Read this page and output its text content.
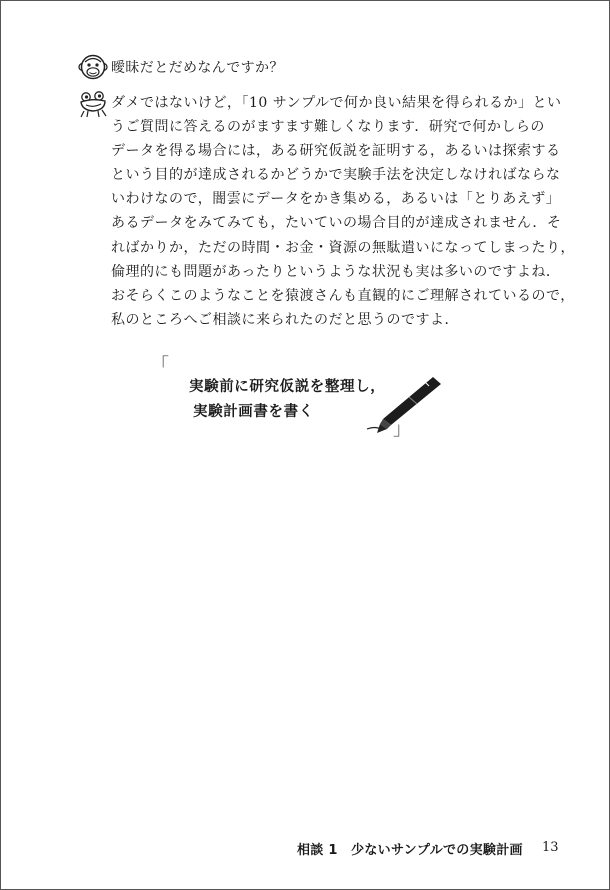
曖昧だとだめなんですか？
ダメではないけど，「10 サンプルで何か良い結果を得られるか」とい
うご質問に答えるのがますます難しくなります．研究で何かしらの
データを得る場合には，ある研究仮説を証明する，あるいは探索する
という目的が達成されるかどうかで実験手法を決定しなければならな
いわけなので，闇雲にデータをかき集める，あるいは「とりあえず」
あるデータをみてみても，たいていの場合目的が達成されません．そ
ればかりか，ただの時間・お金・資源の無駄遣いになってしまったり，
倫理的にも問題があったりというような状況も実は多いのですよね．
おそらくこのようなことを猿渡さんも直観的にご理解されているので，
私のところへご相談に来られたのだと思うのですよ．
「
実験前に研究仮説を整理し，
実験計画書を書く
」
相談 1　少ないサンプルでの実験計画 13
